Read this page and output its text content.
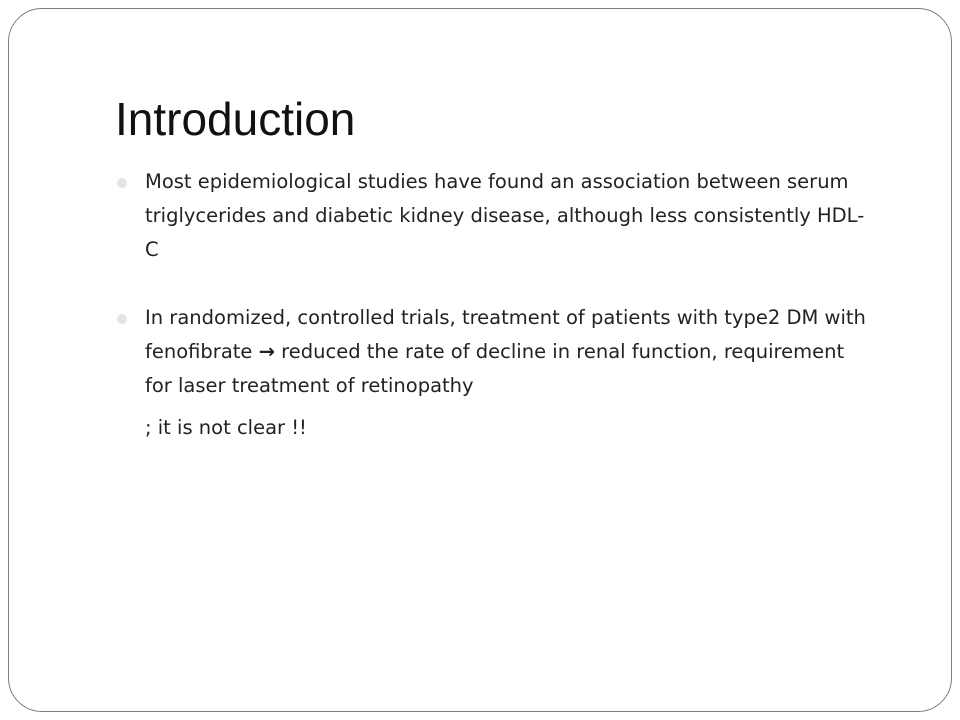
Introduction
Most epidemiological studies have found an association between serum triglycerides and diabetic kidney disease, although less consistently HDL-C
In randomized, controlled trials, treatment of patients with type2 DM with fenofibrate → reduced the rate of decline in renal function, requirement for laser treatment of retinopathy
; it is not clear !!
